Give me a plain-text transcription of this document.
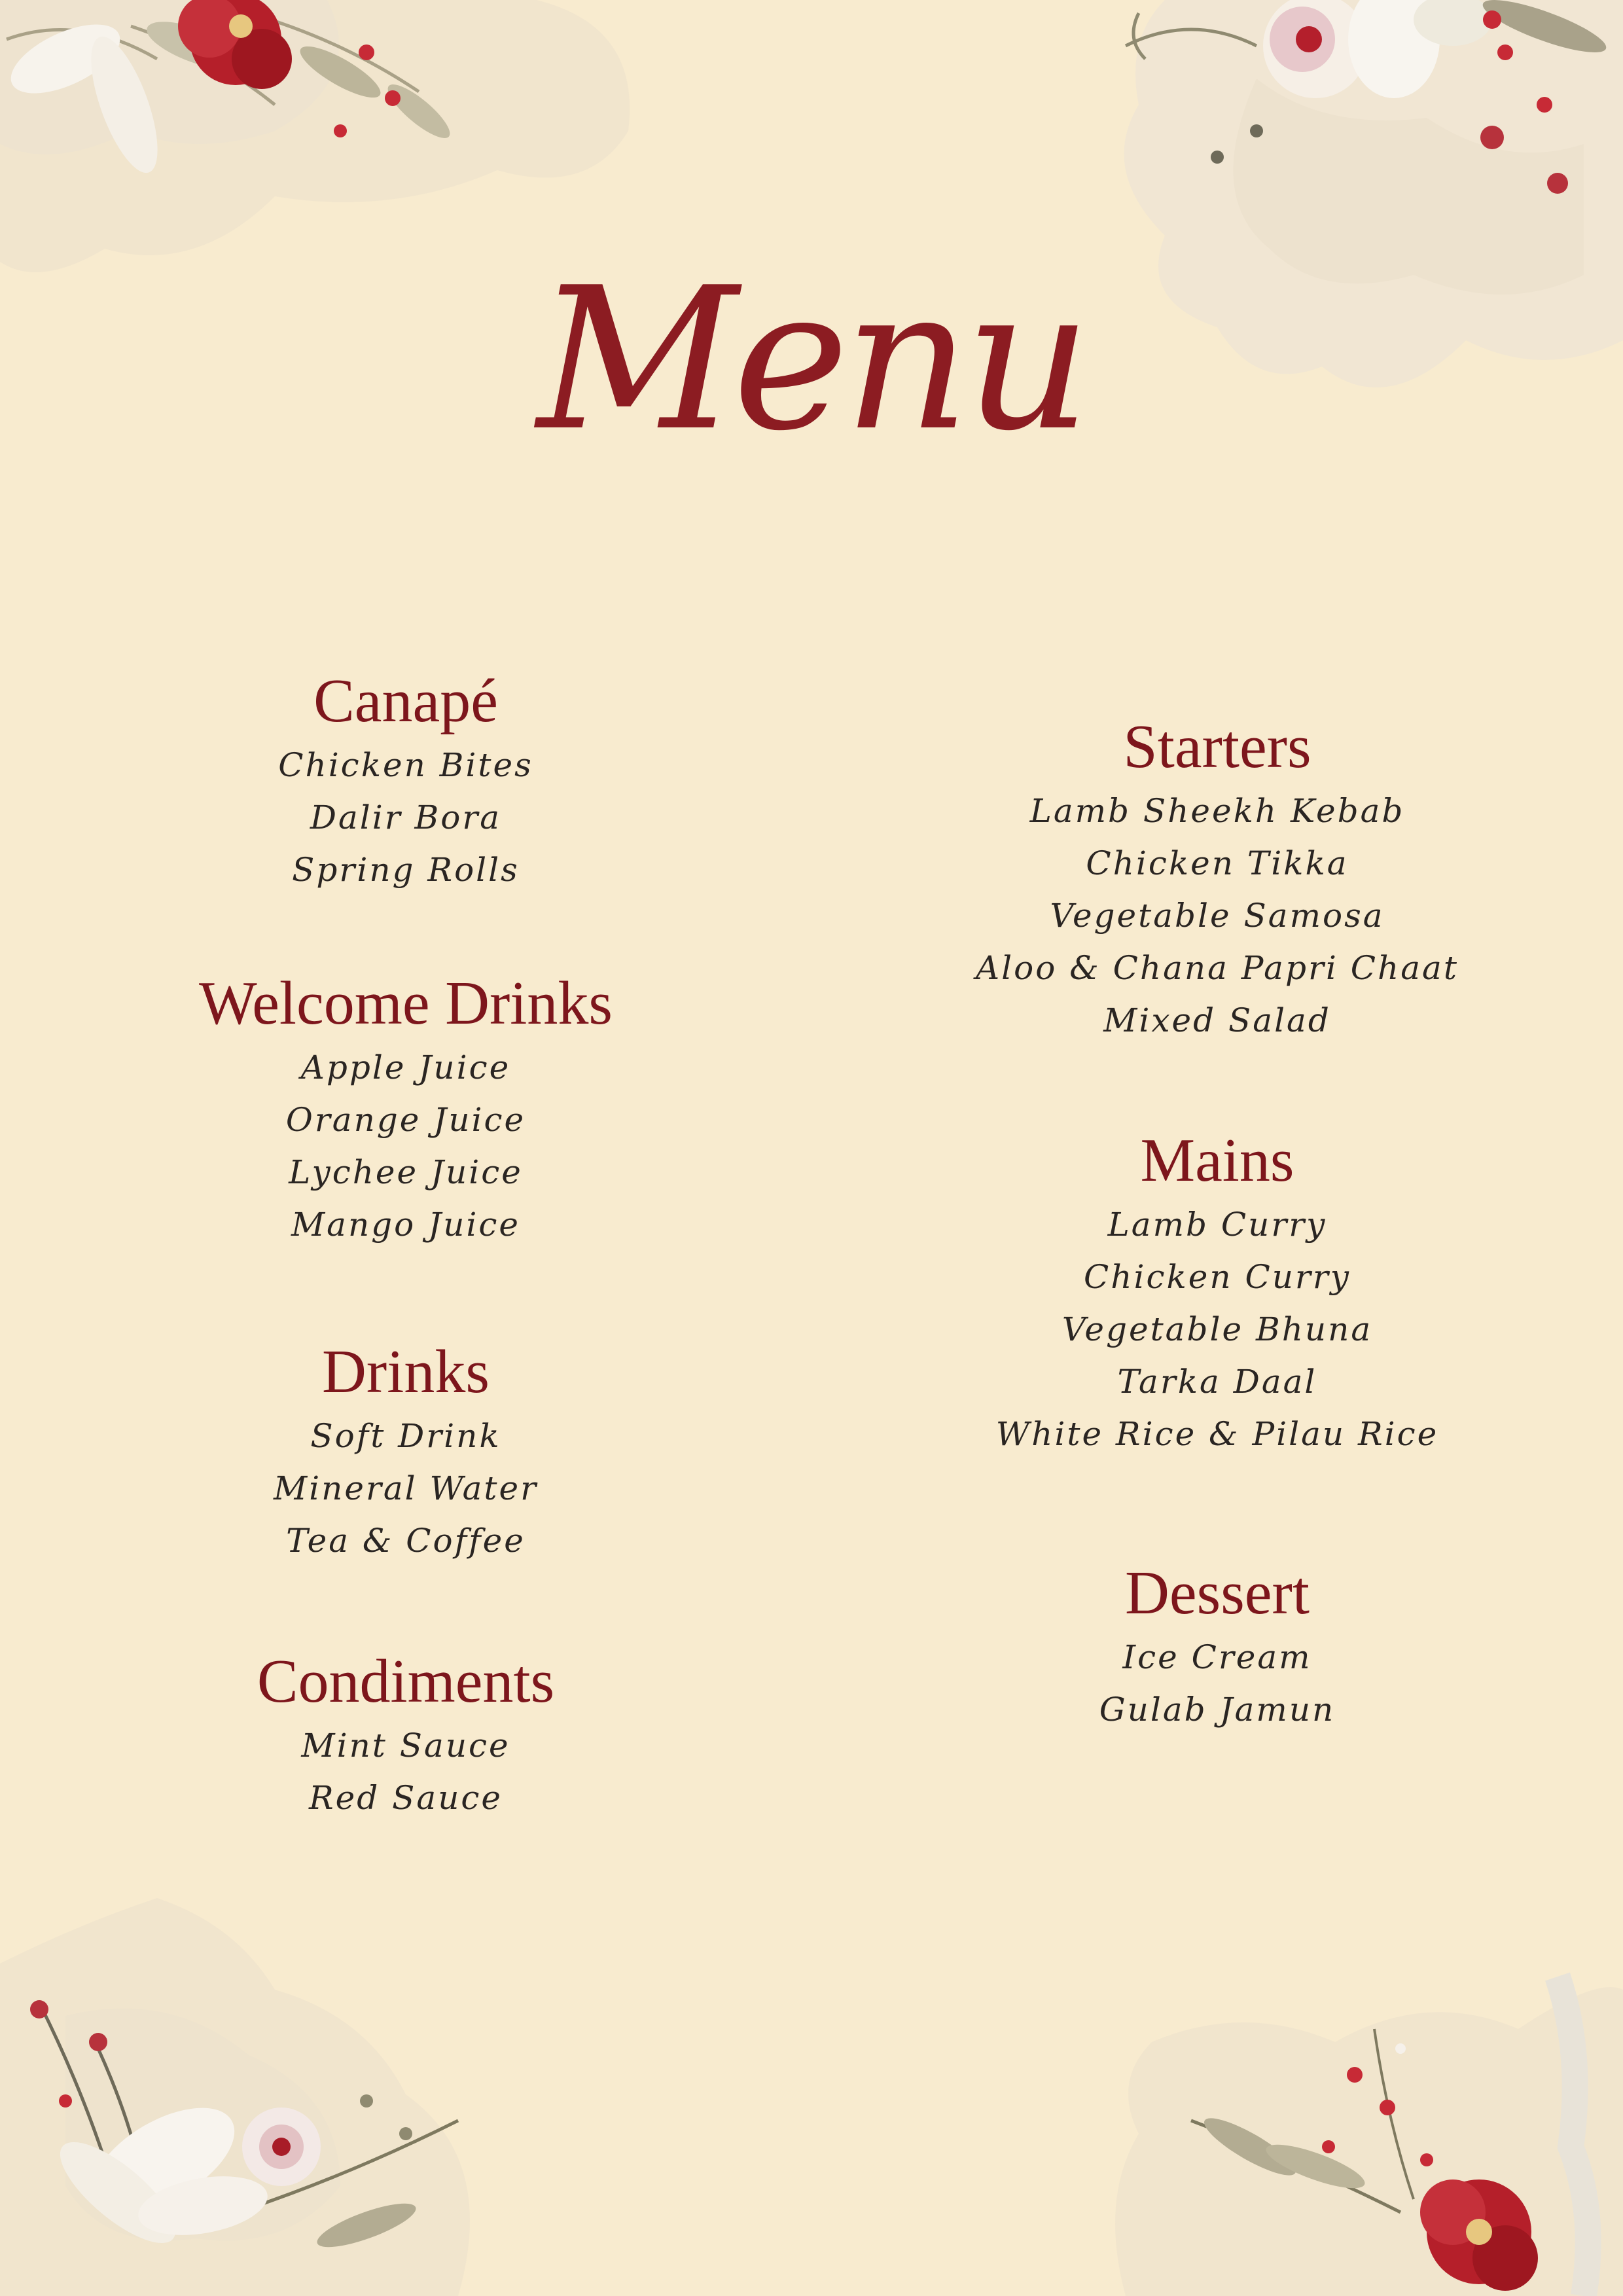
Menu
Canapé
Chicken Bites
Dalir Bora
Spring Rolls
Welcome Drinks
Apple Juice
Orange Juice
Lychee Juice
Mango Juice
Drinks
Soft Drink
Mineral Water
Tea & Coffee
Condiments
Mint Sauce
Red Sauce
Starters
Lamb Sheekh Kebab
Chicken Tikka
Vegetable Samosa
Aloo & Chana Papri Chaat
Mixed Salad
Mains
Lamb Curry
Chicken Curry
Vegetable Bhuna
Tarka Daal
White Rice & Pilau Rice
Dessert
Ice Cream
Gulab Jamun
